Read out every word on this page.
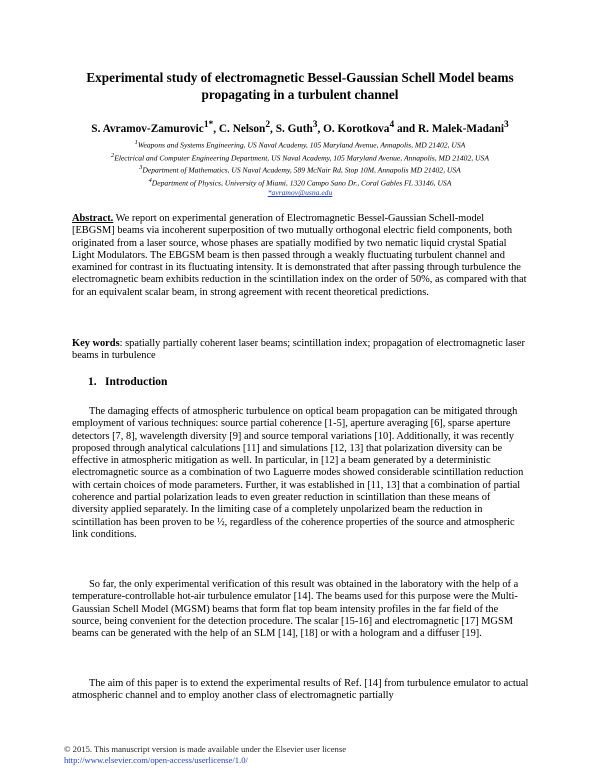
Experimental study of electromagnetic Bessel-Gaussian Schell Model beams
propagating in a turbulent channel
S. Avramov-Zamurovic$^{1*}$, C. Nelson$^2$, S. Guth$^3$, O. Korotkova$^4$ and R. Malek-Madani$^3$
$^1$Weapons and Systems Engineering, US Naval Academy, 105 Maryland Avenue, Annapolis, MD 21402, USA
$^2$Electrical and Computer Engineering Department, US Naval Academy, 105 Maryland Avenue, Annapolis, MD 21402, USA
$^3$Department of Mathematics, US Naval Academy, 589 McNair Rd, Stop 10M, Annapolis MD 21402, USA
$^4$Department of Physics, University of Miami, 1320 Campo Sano Dr., Coral Gables FL 33146, USA
*avramov@usna.edu

Abstract. We report on experimental generation of Electromagnetic Bessel-Gaussian Schell-model [EBGSM] beams via incoherent superposition of two mutually orthogonal electric field components, both originated from a laser source, whose phases are spatially modified by two nematic liquid crystal Spatial Light Modulators. The EBGSM beam is then passed through a weakly fluctuating turbulent channel and examined for contrast in its fluctuating intensity. It is demonstrated that after passing through turbulence the electromagnetic beam exhibits reduction in the scintillation index on the order of 50%, as compared with that for an equivalent scalar beam, in strong agreement with recent theoretical predictions.

Key words: spatially partially coherent laser beams; scintillation index; propagation of electromagnetic laser beams in turbulence

1. Introduction

The damaging effects of atmospheric turbulence on optical beam propagation can be mitigated through employment of various techniques: source partial coherence [1-5], aperture averaging [6], sparse aperture detectors [7, 8], wavelength diversity [9] and source temporal variations [10]. Additionally, it was recently proposed through analytical calculations [11] and simulations [12, 13] that polarization diversity can be effective in atmospheric mitigation as well. In particular, in [12] a beam generated by a deterministic electromagnetic source as a combination of two Laguerre modes showed considerable scintillation reduction with certain choices of mode parameters. Further, it was established in [11, 13] that a combination of partial coherence and partial polarization leads to even greater reduction in scintillation than these means of diversity applied separately. In the limiting case of a completely unpolarized beam the reduction in scintillation has been proven to be ½, regardless of the coherence properties of the source and atmospheric link conditions.

So far, the only experimental verification of this result was obtained in the laboratory with the help of a temperature-controllable hot-air turbulence emulator [14]. The beams used for this purpose were the Multi-Gaussian Schell Model (MGSM) beams that form flat top beam intensity profiles in the far field of the source, being convenient for the detection procedure. The scalar [15-16] and electromagnetic [17] MGSM beams can be generated with the help of an SLM [14], [18] or with a hologram and a diffuser [19].

The aim of this paper is to extend the experimental results of Ref. [14] from turbulence emulator to actual atmospheric channel and to employ another class of electromagnetic partially

© 2015. This manuscript version is made available under the Elsevier user license
http://www.elsevier.com/open-access/userlicense/1.0/
